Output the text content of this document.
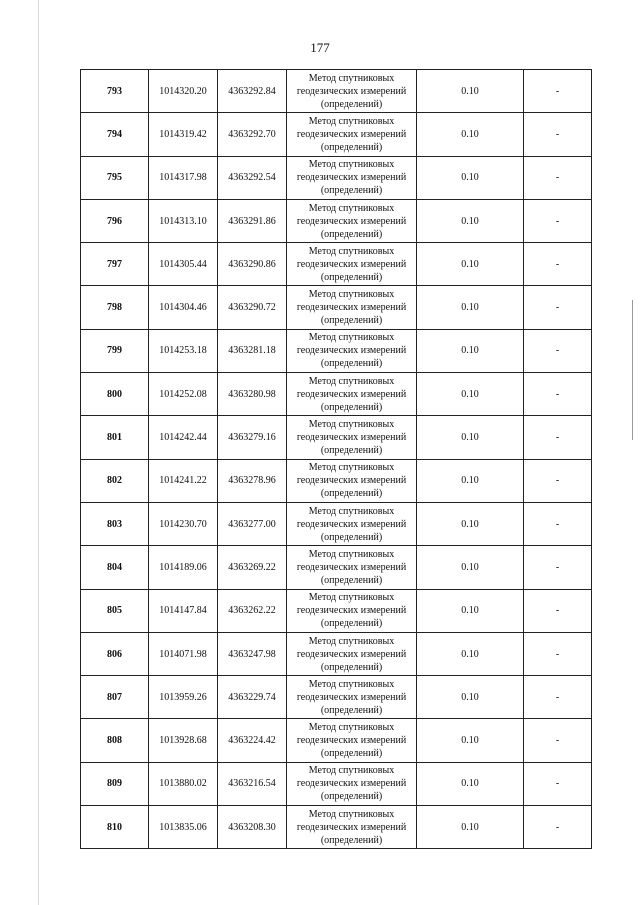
177
793	1014320.20	4363292.84	Метод спутниковых
геодезических измерений
(определений)	0.10	-
794	1014319.42	4363292.70	Метод спутниковых
геодезических измерений
(определений)	0.10	-
795	1014317.98	4363292.54	Метод спутниковых
геодезических измерений
(определений)	0.10	-
796	1014313.10	4363291.86	Метод спутниковых
геодезических измерений
(определений)	0.10	-
797	1014305.44	4363290.86	Метод спутниковых
геодезических измерений
(определений)	0.10	-
798	1014304.46	4363290.72	Метод спутниковых
геодезических измерений
(определений)	0.10	-
799	1014253.18	4363281.18	Метод спутниковых
геодезических измерений
(определений)	0.10	-
800	1014252.08	4363280.98	Метод спутниковых
геодезических измерений
(определений)	0.10	-
801	1014242.44	4363279.16	Метод спутниковых
геодезических измерений
(определений)	0.10	-
802	1014241.22	4363278.96	Метод спутниковых
геодезических измерений
(определений)	0.10	-
803	1014230.70	4363277.00	Метод спутниковых
геодезических измерений
(определений)	0.10	-
804	1014189.06	4363269.22	Метод спутниковых
геодезических измерений
(определений)	0.10	-
805	1014147.84	4363262.22	Метод спутниковых
геодезических измерений
(определений)	0.10	-
806	1014071.98	4363247.98	Метод спутниковых
геодезических измерений
(определений)	0.10	-
807	1013959.26	4363229.74	Метод спутниковых
геодезических измерений
(определений)	0.10	-
808	1013928.68	4363224.42	Метод спутниковых
геодезических измерений
(определений)	0.10	-
809	1013880.02	4363216.54	Метод спутниковых
геодезических измерений
(определений)	0.10	-
810	1013835.06	4363208.30	Метод спутниковых
геодезических измерений
(определений)	0.10	-
